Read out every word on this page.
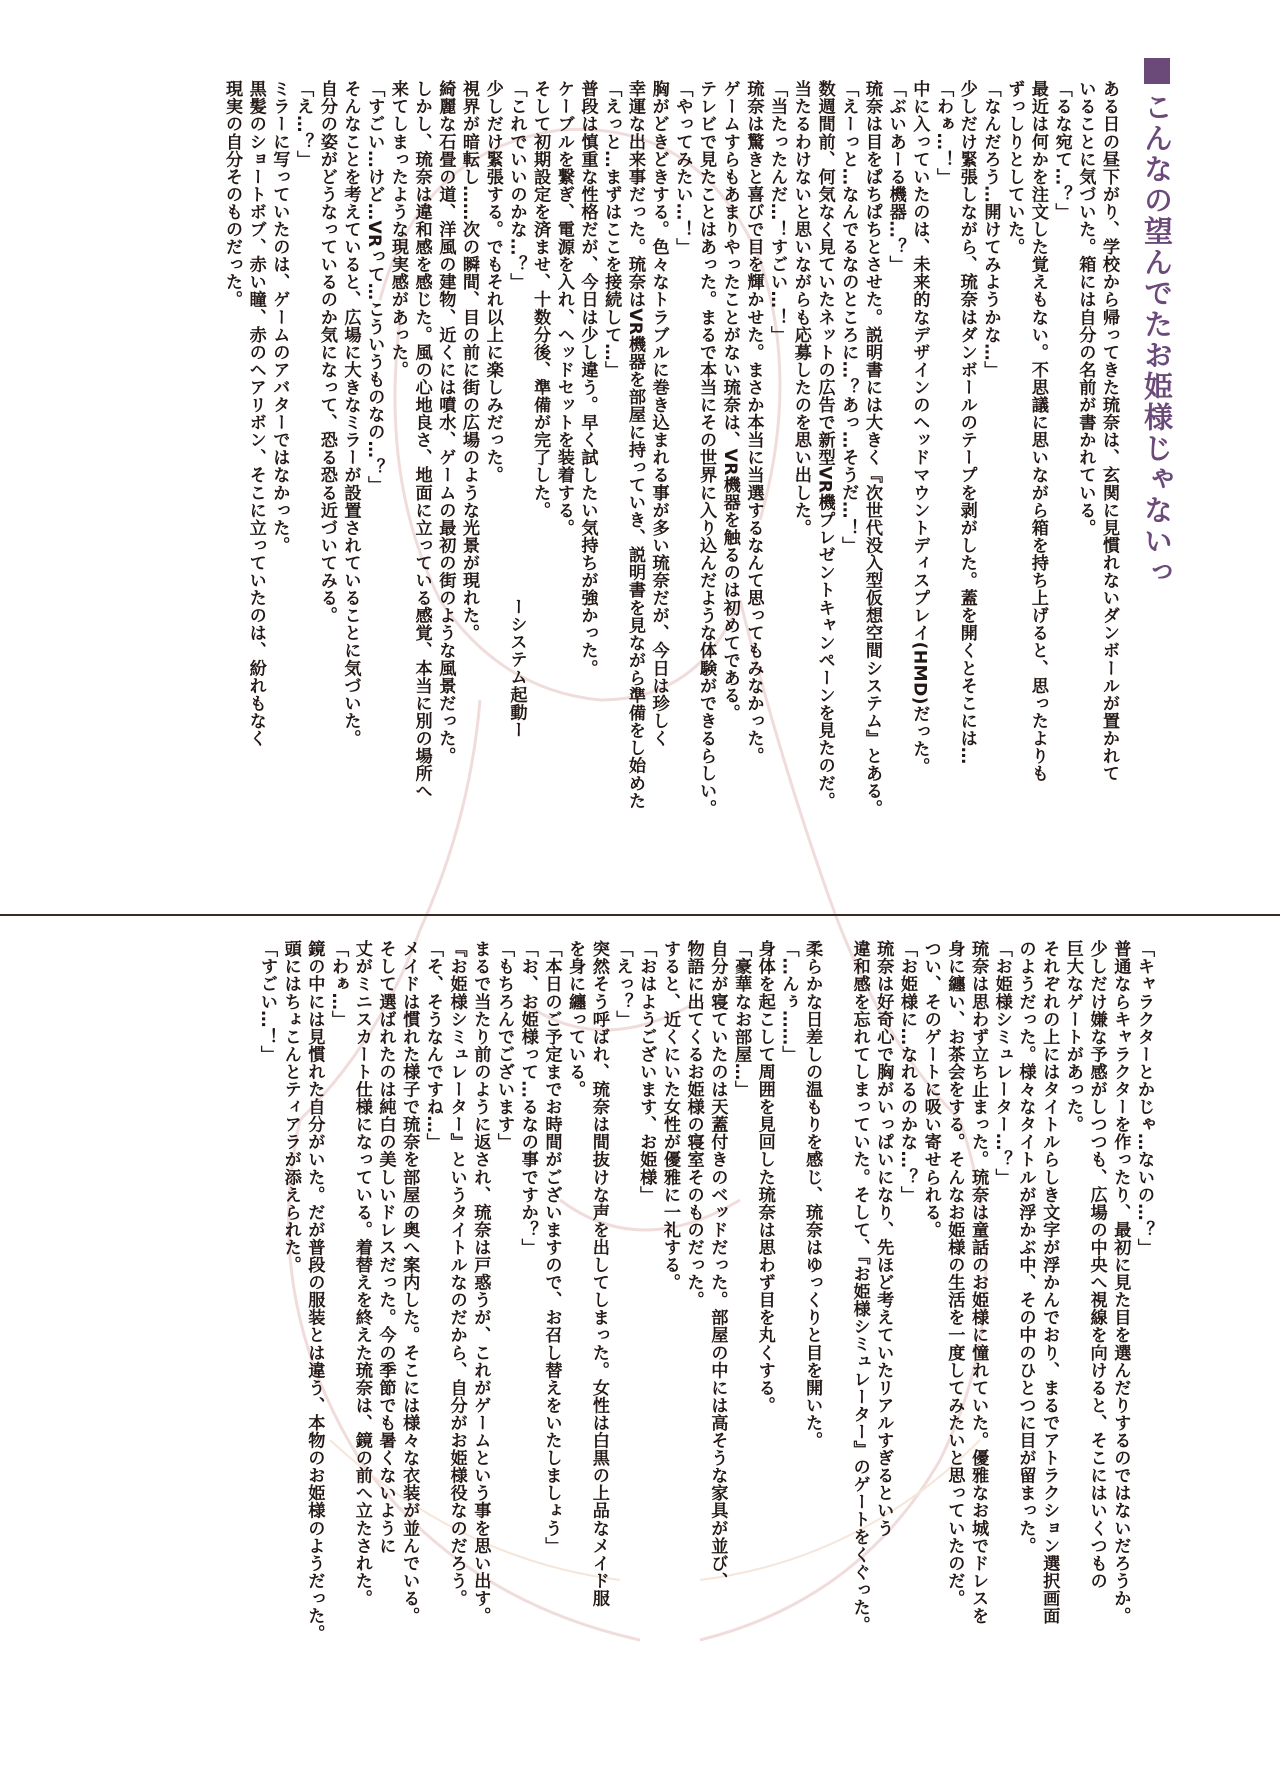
こんなの望んでたお姫様じゃないっ
ある日の昼下がり、学校から帰ってきた琉奈は、玄関に見慣れないダンボールが置かれて
いることに気づいた。箱には自分の名前が書かれている。
「るな宛て…？」
最近は何かを注文した覚えもない。不思議に思いながら箱を持ち上げると、思ったよりも
ずっしりとしていた。
「なんだろう…開けてみようかな…」
少しだけ緊張しながら、琉奈はダンボールのテープを剥がした。蓋を開くとそこには…
「わぁ…！」
中に入っていたのは、未来的なデザインのヘッドマウントディスプレイ(HMD)だった。
「ぶいあーる機器…？」
琉奈は目をぱちぱちとさせた。説明書には大きく『次世代没入型仮想空間システム』とある。
「えーっと…なんでるなのところに…？あっ…そうだ…！」
数週間前、何気なく見ていたネットの広告で新型VR機プレゼントキャンペーンを見たのだ。
当たるわけないと思いながらも応募したのを思い出した。
「当たったんだ…！すごい…！」
琉奈は驚きと喜びで目を輝かせた。まさか本当に当選するなんて思ってもみなかった。
ゲームすらもあまりやったことがない琉奈は、VR機器を触るのは初めてである。
テレビで見たことはあった。まるで本当にその世界に入り込んだような体験ができるらしい。
「やってみたい…！」
胸がどきどきする。色々なトラブルに巻き込まれる事が多い琉奈だが、今日は珍しく
幸運な出来事だった。琉奈はVR機器を部屋に持っていき、説明書を見ながら準備をし始めた
「えっと…まずはここを接続して…」
普段は慎重な性格だが、今日は少し違う。早く試したい気持ちが強かった。
ケーブルを繋ぎ、電源を入れ、ヘッドセットを装着する。
そして初期設定を済ませ、十数分後、準備が完了した。
「これでいいのかな…？」　　　　　　　　　　　　　　　　　　ーシステム起動ー
少しだけ緊張する。でもそれ以上に楽しみだった。
視界が暗転し……次の瞬間、目の前に街の広場のような光景が現れた。
綺麗な石畳の道、洋風の建物、近くには噴水、ゲームの最初の街のような風景だった。
しかし、琉奈は違和感を感じた。風の心地良さ、地面に立っている感覚、本当に別の場所へ
来てしまったような現実感があった。
「すごい…けど…VRって…こういうものなの…？」
そんなことを考えていると、広場に大きなミラーが設置されていることに気づいた。
自分の姿がどうなっているのか気になって、恐る恐る近づいてみる。
「え…？」
ミラーに写っていたのは、ゲームのアバターではなかった。
黒髪のショートボブ、赤い瞳、赤のヘアリボン、そこに立っていたのは、紛れもなく
現実の自分そのものだった。
「キャラクターとかじゃ…ないの…？」
普通ならキャラクターを作ったり、最初に見た目を選んだりするのではないだろうか。
少しだけ嫌な予感がしつつも、広場の中央へ視線を向けると、そこにはいくつもの
巨大なゲートがあった。
それぞれの上にはタイトルらしき文字が浮かんでおり、まるでアトラクション選択画面
のようだった。様々なタイトルが浮かぶ中、その中のひとつに目が留まった。
「お姫様シミュレーター…？」
琉奈は思わず立ち止まった。琉奈は童話のお姫様に憧れていた。優雅なお城でドレスを
身に纏い、お茶会をする。そんなお姫様の生活を一度してみたいと思っていたのだ。
つい、そのゲートに吸い寄せられる。
「お姫様に…なれるのかな…？」
琉奈は好奇心で胸がいっぱいになり、先ほど考えていたリアルすぎるという
違和感を忘れてしまっていた。そして、『お姫様シミュレーター』のゲートをくぐった。

柔らかな日差しの温もりを感じ、琉奈はゆっくりと目を開いた。
「…んぅ……」
身体を起こして周囲を見回した琉奈は思わず目を丸くする。
「豪華なお部屋…」
自分が寝ていたのは天蓋付きのベッドだった。部屋の中には高そうな家具が並び、
物語に出てくるお姫様の寝室そのものだった。
すると、近くにいた女性が優雅に一礼する。
「おはようございます、お姫様」
「えっ？」
突然そう呼ばれ、琉奈は間抜けな声を出してしまった。女性は白黒の上品なメイド服
を身に纏っている。
「本日のご予定までお時間がございますので、お召し替えをいたしましょう」
「お、お姫様って…るなの事ですか？」
「もちろんでございます」
まるで当たり前のように返され、琉奈は戸惑うが、これがゲームという事を思い出す。
『お姫様シミュレーター』というタイトルなのだから、自分がお姫様役なのだろう。
「そ、そうなんですね…」
メイドは慣れた様子で琉奈を部屋の奥へ案内した。そこには様々な衣装が並んでいる。
そして選ばれたのは純白の美しいドレスだった。今の季節でも暑くないように
丈がミニスカート仕様になっている。着替えを終えた琉奈は、鏡の前へ立たされた。
「わぁ…」
鏡の中には見慣れた自分がいた。だが普段の服装とは違う、本物のお姫様のようだった。
頭にはちょこんとティアラが添えられた。
「すごい…！」
